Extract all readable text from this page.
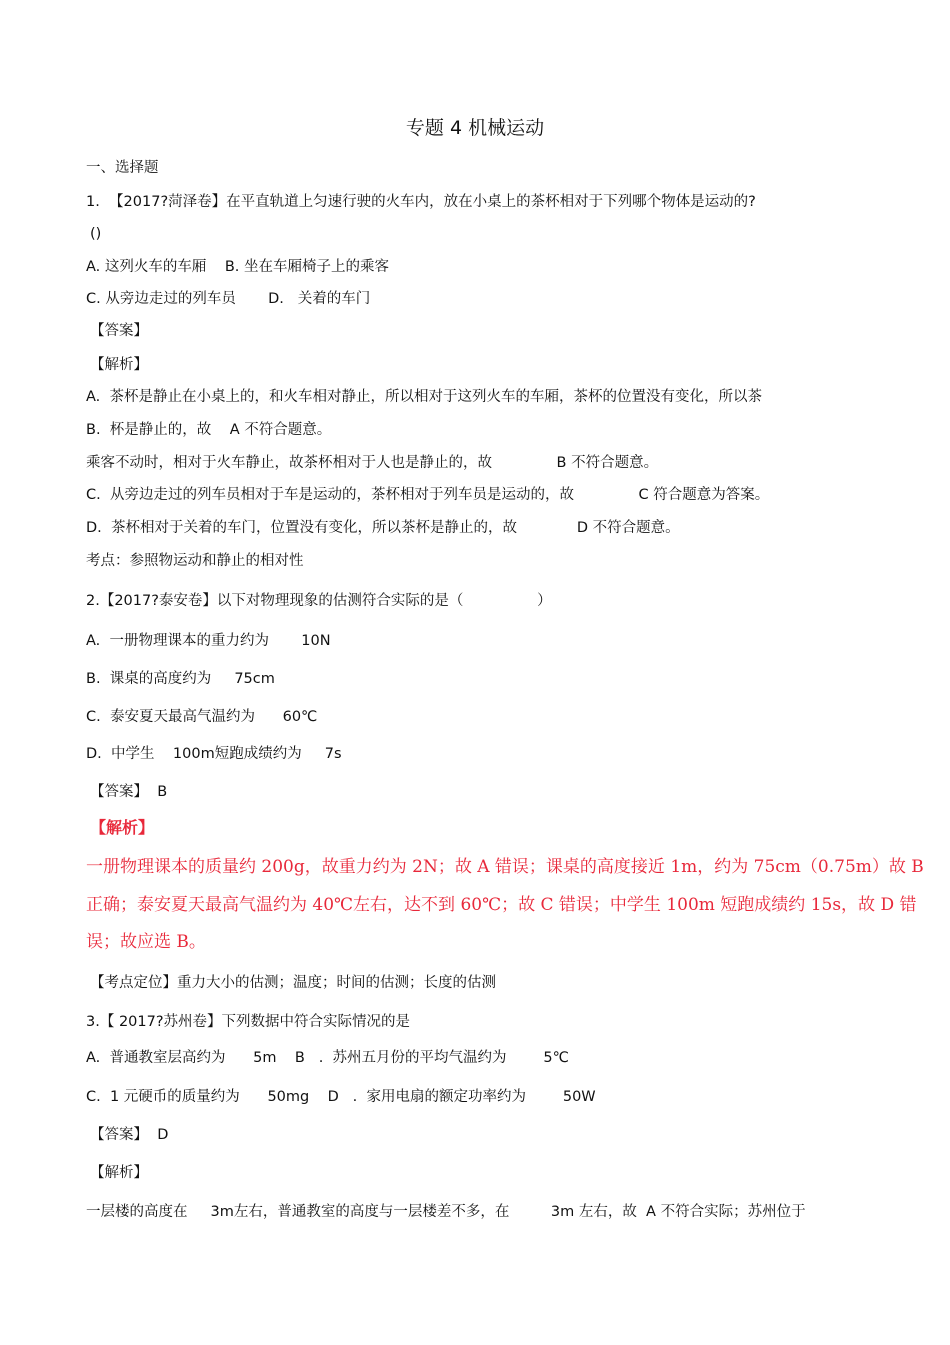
专题 4 机械运动
一、选择题
1.  【2017?菏泽卷】在平直轨道上匀速行驶的火车内，放在小桌上的茶杯相对于下列哪个物体是运动的?
()
A. 这列火车的车厢    B. 坐在车厢椅子上的乘客
C. 从旁边走过的列车员       D.   关着的车门
【答案】
【解析】
A.  茶杯是静止在小桌上的，和火车相对静止，所以相对于这列火车的车厢，茶杯的位置没有变化，所以茶
B.  杯是静止的，故    A 不符合题意。
乘客不动时，相对于火车静止，故茶杯相对于人也是静止的，故              B 不符合题意。
C.  从旁边走过的列车员相对于车是运动的，茶杯相对于列车员是运动的，故              C 符合题意为答案。
D.  茶杯相对于关着的车门，位置没有变化，所以茶杯是静止的，故             D 不符合题意。
考点：参照物运动和静止的相对性
2.【2017?泰安卷】以下对物理现象的估测符合实际的是（                ）
A.  一册物理课本的重力约为       10N
B.  课桌的高度约为     75cm
C.  泰安夏天最高气温约为      60℃
D.  中学生    100m短跑成绩约为     7s
【答案】  B
【解析】
一册物理课本的质量约 200g，故重力约为 2N；故 A 错误；课桌的高度接近 1m，约为 75cm（0.75m）故 B
正确；泰安夏天最高气温约为 40℃左右，达不到 60℃；故 C 错误；中学生 100m 短跑成绩约 15s，故 D 错
误；故应选 B。
【考点定位】重力大小的估测；温度；时间的估测；长度的估测
3.【 2017?苏州卷】下列数据中符合实际情况的是
A.  普通教室层高约为      5m    B   .  苏州五月份的平均气温约为        5℃
C.  1 元硬币的质量约为      50mg    D   .  家用电扇的额定功率约为        50W
【答案】  D
【解析】
一层楼的高度在     3m左右，普通教室的高度与一层楼差不多，在         3m 左右，故  A 不符合实际；苏州位于
